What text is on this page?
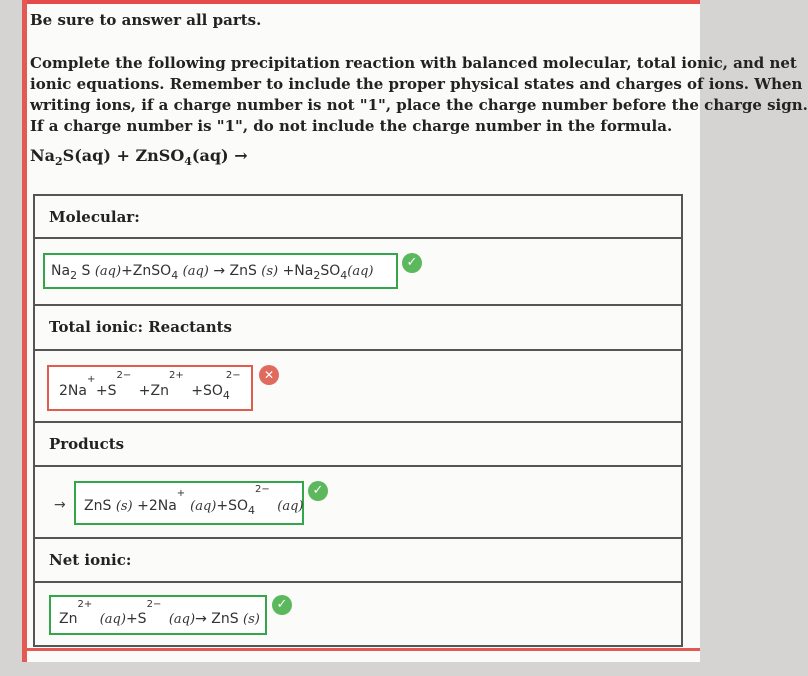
Be sure to answer all parts.
Complete the following precipitation reaction with balanced molecular, total ionic, and net
ionic equations. Remember to include the proper physical states and charges of ions. When
writing ions, if a charge number is not "1", place the charge number before the charge sign.
If a charge number is "1", do not include the charge number in the formula.
$Na_2S(aq)$ + ZnSO$_4$(aq) →
Molecular:
$Na_2$ S (aq)+ZnSO$_4$ (aq) → ZnS $(s) +Na_2SO_4(aq)$
✓
Total ionic: Reactants
2Na
+
+S
2−
+Zn
2+
$+SO_4$
2−	✕
Products
→ ZnS (s) +2Na
+
$(aq)+SO_4$
2−
(aq)
✓
Net ionic:
Zn
2+
(aq)+S
2−
(aq)→ ZnS (s)
✓
